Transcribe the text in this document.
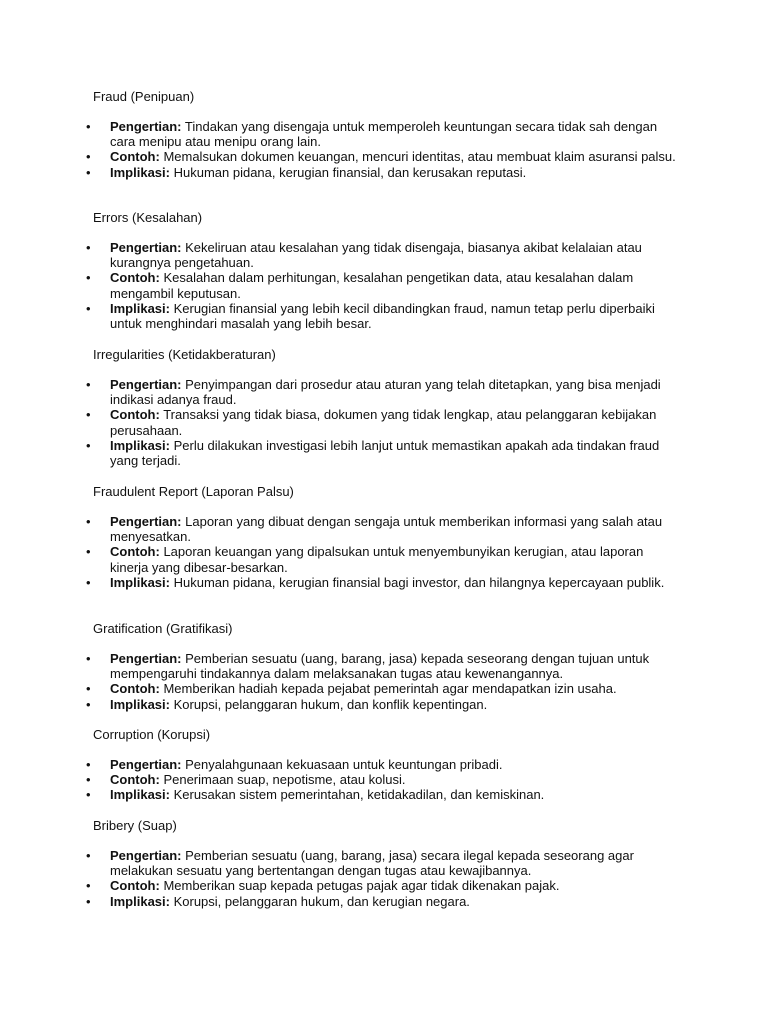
Fraud (Penipuan)
• Pengertian: Tindakan yang disengaja untuk memperoleh keuntungan secara tidak sah dengan cara menipu atau menipu orang lain.
• Contoh: Memalsukan dokumen keuangan, mencuri identitas, atau membuat klaim asuransi palsu.
• Implikasi: Hukuman pidana, kerugian finansial, dan kerusakan reputasi.
Errors (Kesalahan)
• Pengertian: Kekeliruan atau kesalahan yang tidak disengaja, biasanya akibat kelalaian atau kurangnya pengetahuan.
• Contoh: Kesalahan dalam perhitungan, kesalahan pengetikan data, atau kesalahan dalam mengambil keputusan.
• Implikasi: Kerugian finansial yang lebih kecil dibandingkan fraud, namun tetap perlu diperbaiki untuk menghindari masalah yang lebih besar.
Irregularities (Ketidakberaturan)
• Pengertian: Penyimpangan dari prosedur atau aturan yang telah ditetapkan, yang bisa menjadi indikasi adanya fraud.
• Contoh: Transaksi yang tidak biasa, dokumen yang tidak lengkap, atau pelanggaran kebijakan perusahaan.
• Implikasi: Perlu dilakukan investigasi lebih lanjut untuk memastikan apakah ada tindakan fraud yang terjadi.
Fraudulent Report (Laporan Palsu)
• Pengertian: Laporan yang dibuat dengan sengaja untuk memberikan informasi yang salah atau menyesatkan.
• Contoh: Laporan keuangan yang dipalsukan untuk menyembunyikan kerugian, atau laporan kinerja yang dibesar-besarkan.
• Implikasi: Hukuman pidana, kerugian finansial bagi investor, dan hilangnya kepercayaan publik.
Gratification (Gratifikasi)
• Pengertian: Pemberian sesuatu (uang, barang, jasa) kepada seseorang dengan tujuan untuk mempengaruhi tindakannya dalam melaksanakan tugas atau kewenangannya.
• Contoh: Memberikan hadiah kepada pejabat pemerintah agar mendapatkan izin usaha.
• Implikasi: Korupsi, pelanggaran hukum, dan konflik kepentingan.
Corruption (Korupsi)
• Pengertian: Penyalahgunaan kekuasaan untuk keuntungan pribadi.
• Contoh: Penerimaan suap, nepotisme, atau kolusi.
• Implikasi: Kerusakan sistem pemerintahan, ketidakadilan, dan kemiskinan.
Bribery (Suap)
• Pengertian: Pemberian sesuatu (uang, barang, jasa) secara ilegal kepada seseorang agar melakukan sesuatu yang bertentangan dengan tugas atau kewajibannya.
• Contoh: Memberikan suap kepada petugas pajak agar tidak dikenakan pajak.
• Implikasi: Korupsi, pelanggaran hukum, dan kerugian negara.
